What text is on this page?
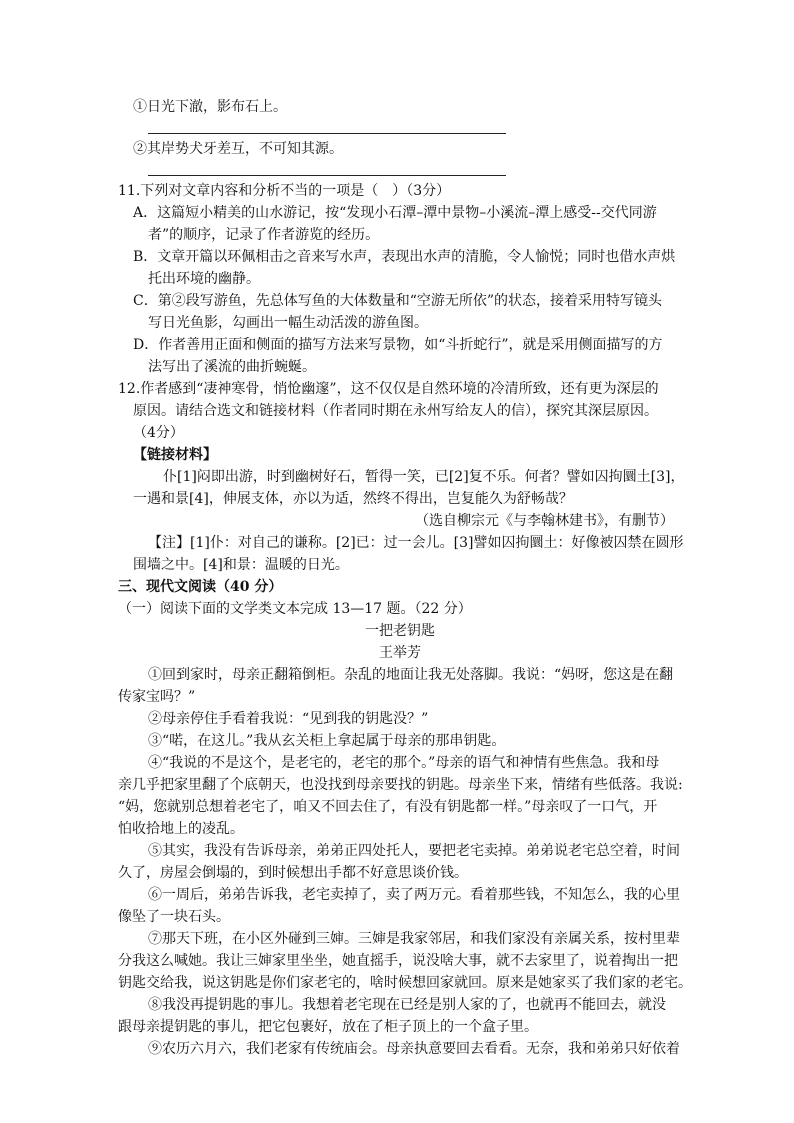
①日光下澈，影布石上。
②其岸势犬牙差互，不可知其源。
11.下列对文章内容和分析不当的一项是（　）（3分）
A．这篇短小精美的山水游记，按“发现小石潭–潭中景物–小溪流–潭上感受--交代同游
者”的顺序，记录了作者游览的经历。
B．文章开篇以环佩相击之音来写水声，表现出水声的清脆，令人愉悦；同时也借水声烘
托出环境的幽静。
C．第②段写游鱼，先总体写鱼的大体数量和“空游无所依”的状态，接着采用特写镜头
写日光鱼影，勾画出一幅生动活泼的游鱼图。
D．作者善用正面和侧面的描写方法来写景物，如“斗折蛇行”，就是采用侧面描写的方
法写出了溪流的曲折蜿蜒。
12.作者感到“凄神寒骨，悄怆幽邃”，这不仅仅是自然环境的冷清所致，还有更为深层的
原因。请结合选文和链接材料（作者同时期在永州写给友人的信），探究其深层原因。
（4分）
【链接材料】
仆[1]闷即出游，时到幽树好石，暂得一笑，已[2]复不乐。何者？譬如囚拘圜土[3]，
一遇和景[4]，伸展支体，亦以为适，然终不得出，岂复能久为舒畅哉？
（选自柳宗元《与李翰林建书》，有删节）
【注】[1]仆：对自己的谦称。[2]已：过一会儿。[3]譬如囚拘圜土：好像被囚禁在圆形
围墙之中。[4]和景：温暖的日光。
三、现代文阅读（40 分）
（一）阅读下面的文学类文本完成 13—17 题。（22 分）
一把老钥匙
王举芳
①回到家时，母亲正翻箱倒柜。杂乱的地面让我无处落脚。我说：“妈呀，您这是在翻
传家宝吗？”
②母亲停住手看着我说：“见到我的钥匙没？”
③“喏，在这儿。”我从玄关柜上拿起属于母亲的那串钥匙。
④“我说的不是这个，是老宅的，老宅的那个。”母亲的语气和神情有些焦急。我和母
亲几乎把家里翻了个底朝天，也没找到母亲要找的钥匙。母亲坐下来，情绪有些低落。我说:
“妈，您就别总想着老宅了，咱又不回去住了，有没有钥匙都一样。”母亲叹了一口气，开
怕收拾地上的凌乱。
⑤其实，我没有告诉母亲，弟弟正四处托人，要把老宅卖掉。弟弟说老宅总空着，时间
久了，房屋会倒塌的，到时候想出手都不好意思谈价钱。
⑥一周后，弟弟告诉我，老宅卖掉了，卖了两万元。看着那些钱，不知怎么，我的心里
像坠了一块石头。
⑦那天下班，在小区外碰到三婶。三婶是我家邻居，和我们家没有亲属关系，按村里辈
分我这么喊她。我让三婶家里坐坐，她直摇手，说没啥大事，就不去家里了，说着掏出一把
钥匙交给我，说这钥匙是你们家老宅的，啥时候想回家就回。原来是她家买了我们家的老宅。
⑧我没再提钥匙的事儿。我想着老宅现在已经是别人家的了，也就再不能回去，就没
跟母亲提钥匙的事儿，把它包裹好，放在了柜子顶上的一个盒子里。
⑨农历六月六，我们老家有传统庙会。母亲执意要回去看看。无奈，我和弟弟只好依着
